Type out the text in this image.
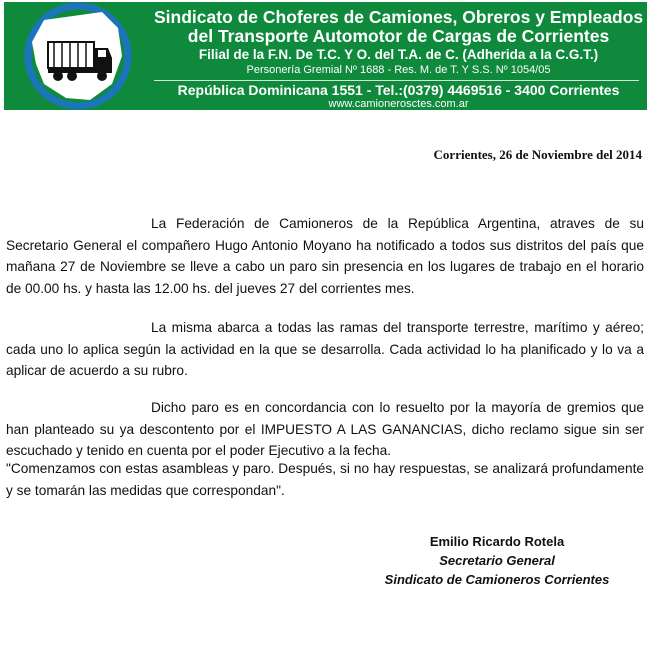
Sindicato de Choferes de Camiones, Obreros y Empleados
del Transporte Automotor de Cargas de Corrientes
Filial de la F.N. De T.C. Y O. del T.A. de C. (Adherida a la C.G.T.)
Personería Gremial Nº 1688 - Res. M. de T. Y S.S. Nº 1054/05
República Dominicana 1551 - Tel.:(0379) 4469516 - 3400 Corrientes
www.camionerosctes.com.ar
Corrientes, 26 de Noviembre del 2014

La Federación de Camioneros de la República Argentina, atraves de su Secretario General el compañero Hugo Antonio Moyano ha notificado a todos sus distritos del país que mañana 27 de Noviembre se lleve a cabo un paro sin presencia en los lugares de trabajo en el horario de 00.00 hs. y hasta las 12.00 hs. del jueves 27 del corrientes mes.

La misma abarca a todas las ramas del transporte terrestre, marítimo y aéreo; cada uno lo aplica según la actividad en la que se desarrolla. Cada actividad lo ha planificado y lo va a aplicar de acuerdo a su rubro.

Dicho paro es en concordancia con lo resuelto por la mayoría de gremios que han planteado su ya descontento por el IMPUESTO A LAS GANANCIAS, dicho reclamo sigue sin ser escuchado y tenido en cuenta por el poder Ejecutivo a la fecha.

"Comenzamos con estas asambleas y paro. Después, si no hay respuestas, se analizará profundamente y se tomarán las medidas que correspondan".

Emilio Ricardo Rotela
Secretario General
Sindicato de Camioneros Corrientes
